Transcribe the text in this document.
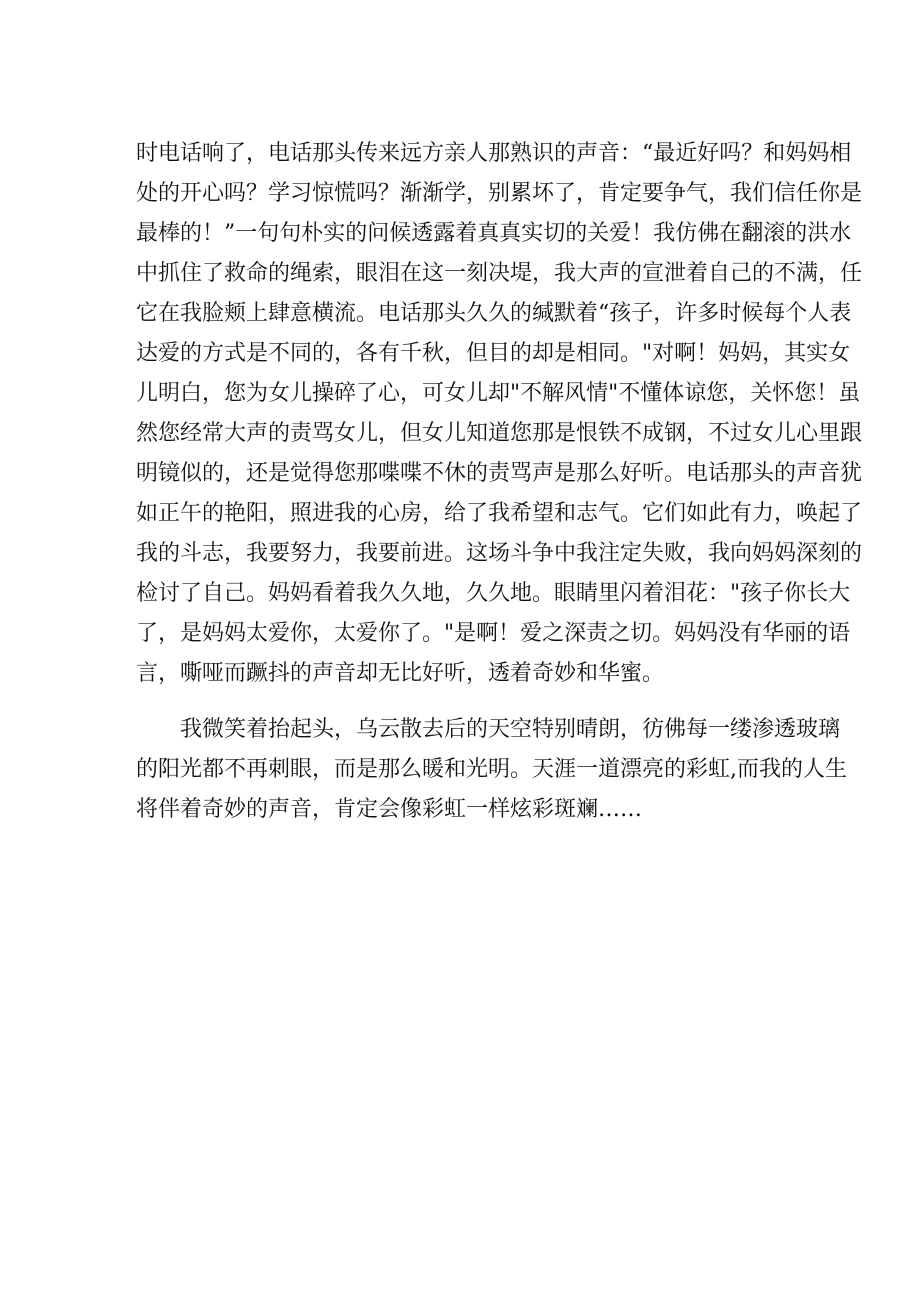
时电话响了，电话那头传来远方亲人那熟识的声音：“最近好吗？和妈妈相
处的开心吗？学习惊慌吗？渐渐学，别累坏了，肯定要争气，我们信任你是
最棒的！”一句句朴实的问候透露着真真实切的关爱！我仿佛在翻滚的洪水
中抓住了救命的绳索，眼泪在这一刻决堤，我大声的宣泄着自己的不满，任
它在我脸颊上肆意横流。电话那头久久的缄默着“孩子，许多时候每个人表
达爱的方式是不同的，各有千秋，但目的却是相同。"对啊！妈妈，其实女
儿明白，您为女儿操碎了心，可女儿却"不解风情"不懂体谅您，关怀您！虽
然您经常大声的责骂女儿，但女儿知道您那是恨铁不成钢，不过女儿心里跟
明镜似的，还是觉得您那喋喋不休的责骂声是那么好听。电话那头的声音犹
如正午的艳阳，照进我的心房，给了我希望和志气。它们如此有力，唤起了
我的斗志，我要努力，我要前进。这场斗争中我注定失败，我向妈妈深刻的
检讨了自己。妈妈看着我久久地，久久地。眼睛里闪着泪花："孩子你长大
了，是妈妈太爱你，太爱你了。"是啊！爱之深责之切。妈妈没有华丽的语
言，嘶哑而蹶抖的声音却无比好听，透着奇妙和华蜜。
我微笑着抬起头，乌云散去后的天空特别晴朗，彷佛每一缕渗透玻璃
的阳光都不再刺眼，而是那么暖和光明。天涯一道漂亮的彩虹,而我的人生
将伴着奇妙的声音，肯定会像彩虹一样炫彩斑斓……
